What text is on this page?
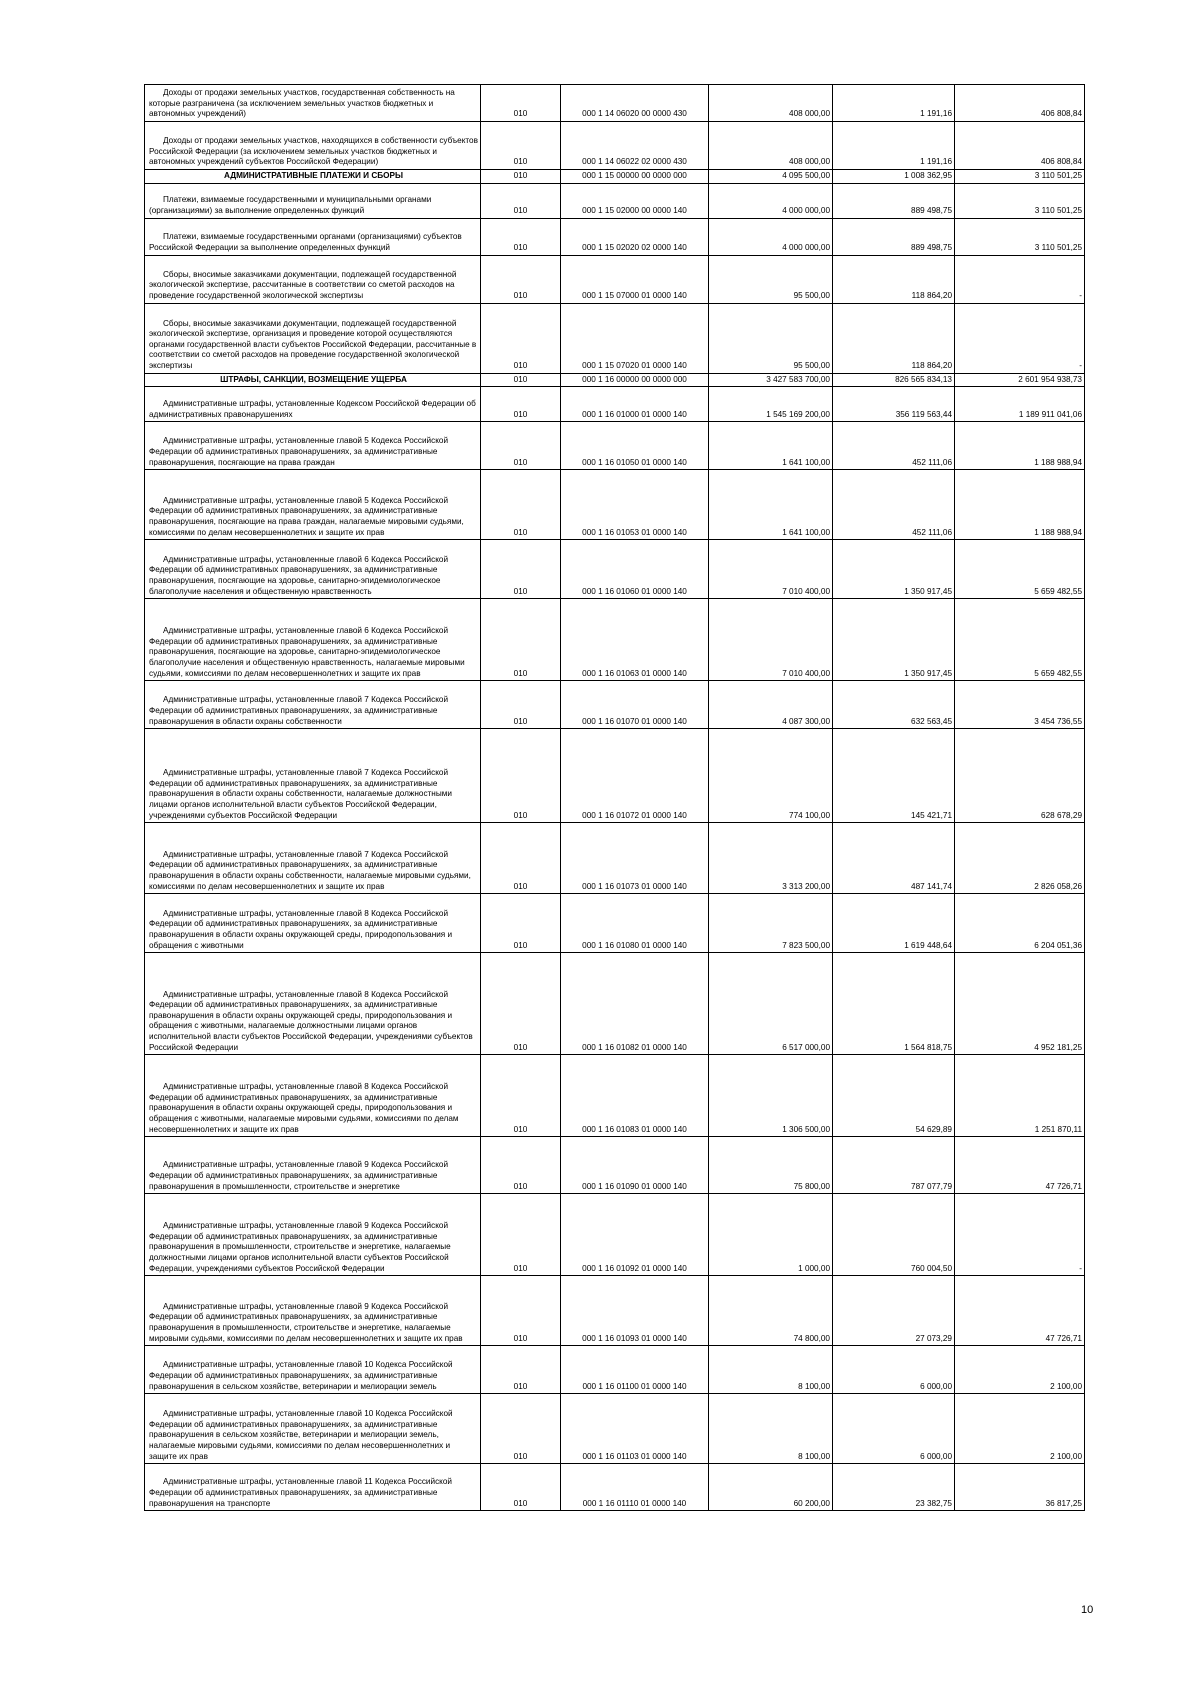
Доходы от продажи земельных участков, государственная собственность на которые разграничена (за исключением земельных участков бюджетных и автономных учреждений)	010	000 1 14 06020 00 0000 430	408 000,00	1 191,16	406 808,84

Доходы от продажи земельных участков, находящихся в собственности субъектов Российской Федерации (за исключением земельных участков бюджетных и автономных учреждений субъектов Российской Федерации)	010	000 1 14 06022 02 0000 430	408 000,00	1 191,16	406 808,84

АДМИНИСТРАТИВНЫЕ ПЛАТЕЖИ И СБОРЫ	010	000 1 15 00000 00 0000 000	4 095 500,00	1 008 362,95	3 110 501,25

Платежи, взимаемые государственными и муниципальными органами (организациями) за выполнение определенных функций	010	000 1 15 02000 00 0000 140	4 000 000,00	889 498,75	3 110 501,25

Платежи, взимаемые государственными органами (организациями) субъектов Российской Федерации за выполнение определенных функций	010	000 1 15 02020 02 0000 140	4 000 000,00	889 498,75	3 110 501,25

Сборы, вносимые заказчиками документации, подлежащей государственной экологической экспертизе, рассчитанные в соответствии со сметой расходов на проведение государственной экологической экспертизы	010	000 1 15 07000 01 0000 140	95 500,00	118 864,20	-

Сборы, вносимые заказчиками документации, подлежащей государственной экологической экспертизе, организация и проведение которой осуществляются органами государственной власти субъектов Российской Федерации, рассчитанные в соответствии со сметой расходов на проведение государственной экологической экспертизы	010	000 1 15 07020 01 0000 140	95 500,00	118 864,20	-

ШТРАФЫ, САНКЦИИ, ВОЗМЕЩЕНИЕ УЩЕРБА	010	000 1 16 00000 00 0000 000	3 427 583 700,00	826 565 834,13	2 601 954 938,73

Административные штрафы, установленные Кодексом Российской Федерации об административных правонарушениях	010	000 1 16 01000 01 0000 140	1 545 169 200,00	356 119 563,44	1 189 911 041,06

Административные штрафы, установленные главой 5 Кодекса Российской Федерации об административных правонарушениях, за административные правонарушения, посягающие на права граждан	010	000 1 16 01050 01 0000 140	1 641 100,00	452 111,06	1 188 988,94

Административные штрафы, установленные главой 5 Кодекса Российской Федерации об административных правонарушениях, за административные правонарушения, посягающие на права граждан, налагаемые мировыми судьями, комиссиями по делам несовершеннолетних и защите их прав	010	000 1 16 01053 01 0000 140	1 641 100,00	452 111,06	1 188 988,94

Административные штрафы, установленные главой 6 Кодекса Российской Федерации об административных правонарушениях, за административные правонарушения, посягающие на здоровье, санитарно-эпидемиологическое благополучие населения и общественную нравственность	010	000 1 16 01060 01 0000 140	7 010 400,00	1 350 917,45	5 659 482,55

Административные штрафы, установленные главой 6 Кодекса Российской Федерации об административных правонарушениях, за административные правонарушения, посягающие на здоровье, санитарно-эпидемиологическое благополучие населения и общественную нравственность, налагаемые мировыми судьями, комиссиями по делам несовершеннолетних и защите их прав	010	000 1 16 01063 01 0000 140	7 010 400,00	1 350 917,45	5 659 482,55

Административные штрафы, установленные главой 7 Кодекса Российской Федерации об административных правонарушениях, за административные правонарушения в области охраны собственности	010	000 1 16 01070 01 0000 140	4 087 300,00	632 563,45	3 454 736,55

Административные штрафы, установленные главой 7 Кодекса Российской Федерации об административных правонарушениях, за административные правонарушения в области охраны собственности, налагаемые должностными лицами органов исполнительной власти субъектов Российской Федерации, учреждениями субъектов Российской Федерации	010	000 1 16 01072 01 0000 140	774 100,00	145 421,71	628 678,29

Административные штрафы, установленные главой 7 Кодекса Российской Федерации об административных правонарушениях, за административные правонарушения в области охраны собственности, налагаемые мировыми судьями, комиссиями по делам несовершеннолетних и защите их прав	010	000 1 16 01073 01 0000 140	3 313 200,00	487 141,74	2 826 058,26

Административные штрафы, установленные главой 8 Кодекса Российской Федерации об административных правонарушениях, за административные правонарушения в области охраны окружающей среды, природопользования и обращения с животными	010	000 1 16 01080 01 0000 140	7 823 500,00	1 619 448,64	6 204 051,36

Административные штрафы, установленные главой 8 Кодекса Российской Федерации об административных правонарушениях, за административные правонарушения в области охраны окружающей среды, природопользования и обращения с животными, налагаемые должностными лицами органов исполнительной власти субъектов Российской Федерации, учреждениями субъектов Российской Федерации	010	000 1 16 01082 01 0000 140	6 517 000,00	1 564 818,75	4 952 181,25

Административные штрафы, установленные главой 8 Кодекса Российской Федерации об административных правонарушениях, за административные правонарушения в области охраны окружающей среды, природопользования и обращения с животными, налагаемые мировыми судьями, комиссиями по делам несовершеннолетних и защите их прав	010	000 1 16 01083 01 0000 140	1 306 500,00	54 629,89	1 251 870,11

Административные штрафы, установленные главой 9 Кодекса Российской Федерации об административных правонарушениях, за административные правонарушения в промышленности, строительстве и энергетике	010	000 1 16 01090 01 0000 140	75 800,00	787 077,79	47 726,71

Административные штрафы, установленные главой 9 Кодекса Российской Федерации об административных правонарушениях, за административные правонарушения в промышленности, строительстве и энергетике, налагаемые должностными лицами органов исполнительной власти субъектов Российской Федерации, учреждениями субъектов Российской Федерации	010	000 1 16 01092 01 0000 140	1 000,00	760 004,50	-

Административные штрафы, установленные главой 9 Кодекса Российской Федерации об административных правонарушениях, за административные правонарушения в промышленности, строительстве и энергетике, налагаемые мировыми судьями, комиссиями по делам несовершеннолетних и защите их прав	010	000 1 16 01093 01 0000 140	74 800,00	27 073,29	47 726,71

Административные штрафы, установленные главой 10 Кодекса Российской Федерации об административных правонарушениях, за административные правонарушения в сельском хозяйстве, ветеринарии и мелиорации земель	010	000 1 16 01100 01 0000 140	8 100,00	6 000,00	2 100,00

Административные штрафы, установленные главой 10 Кодекса Российской Федерации об административных правонарушениях, за административные правонарушения в сельском хозяйстве, ветеринарии и мелиорации земель, налагаемые мировыми судьями, комиссиями по делам несовершеннолетних и защите их прав	010	000 1 16 01103 01 0000 140	8 100,00	6 000,00	2 100,00

Административные штрафы, установленные главой 11 Кодекса Российской Федерации об административных правонарушениях, за административные правонарушения на транспорте	010	000 1 16 01110 01 0000 140	60 200,00	23 382,75	36 817,25
10
